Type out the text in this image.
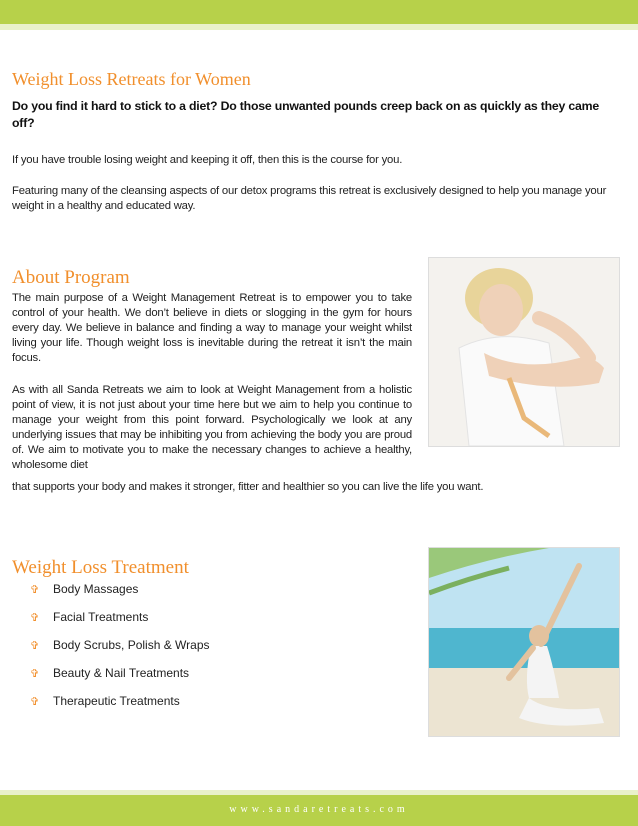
Weight Loss Retreats for Women

Do you find it hard to stick to a diet? Do those unwanted pounds creep back on as quickly as they came off?

If you have trouble losing weight and keeping it off, then this is the course for you.

Featuring many of the cleansing aspects of our detox programs this retreat is exclusively designed to help you manage your weight in a healthy and educated way.

About Program

The main purpose of a Weight Management Retreat is to empower you to take control of your health. We don’t believe in diets or slogging in the gym for hours every day. We believe in balance and finding a way to manage your weight whilst living your life. Though weight loss is inevitable during the retreat it isn’t the main focus.

As with all Sanda Retreats we aim to look at Weight Management from a holistic point of view, it is not just about your time here but we aim to help you continue to manage your weight from this point forward. Psychologically we look at any underlying issues that may be inhibiting you from achieving the body you are proud of. We aim to motivate you to make the necessary changes to achieve a healthy, wholesome diet

that supports your body and makes it stronger, fitter and healthier so you can live the life you want.

Weight Loss Treatment
✞	Body Massages
✞	Facial Treatments
✞	Body Scrubs, Polish & Wraps
✞	Beauty & Nail Treatments
✞	Therapeutic Treatments
www.sandaretreats.com
